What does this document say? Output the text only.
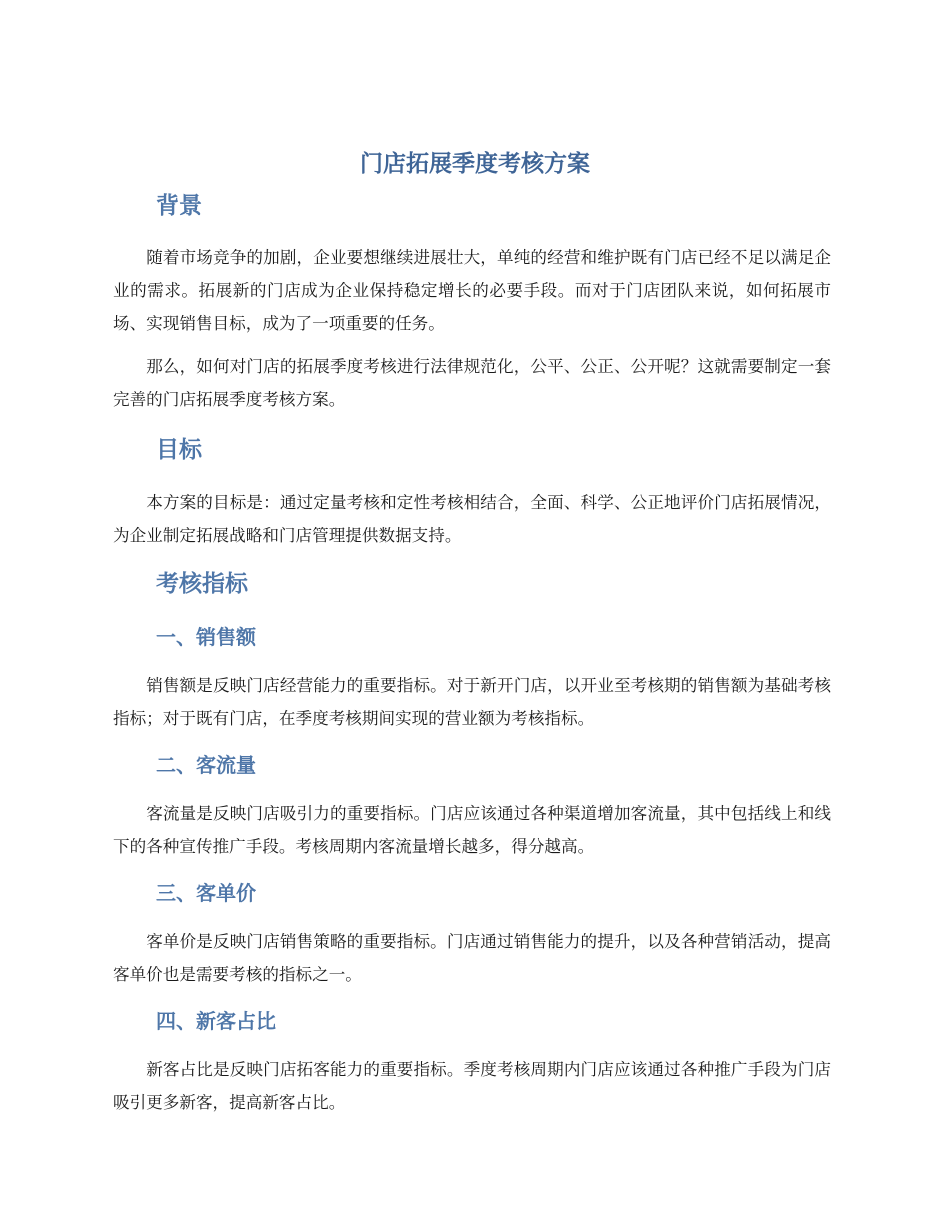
门店拓展季度考核方案
背景

随着市场竞争的加剧，企业要想继续进展壮大，单纯的经营和维护既有门店已经不足以满足企业的需求。拓展新的门店成为企业保持稳定增长的必要手段。而对于门店团队来说，如何拓展市场、实现销售目标，成为了一项重要的任务。

那么，如何对门店的拓展季度考核进行法律规范化，公平、公正、公开呢？这就需要制定一套完善的门店拓展季度考核方案。

目标

本方案的目标是：通过定量考核和定性考核相结合，全面、科学、公正地评价门店拓展情况，为企业制定拓展战略和门店管理提供数据支持。

考核指标
一、销售额

销售额是反映门店经营能力的重要指标。对于新开门店，以开业至考核期的销售额为基础考核指标；对于既有门店，在季度考核期间实现的营业额为考核指标。

二、客流量

客流量是反映门店吸引力的重要指标。门店应该通过各种渠道增加客流量，其中包括线上和线下的各种宣传推广手段。考核周期内客流量增长越多，得分越高。

三、客单价

客单价是反映门店销售策略的重要指标。门店通过销售能力的提升，以及各种营销活动，提高客单价也是需要考核的指标之一。

四、新客占比

新客占比是反映门店拓客能力的重要指标。季度考核周期内门店应该通过各种推广手段为门店吸引更多新客，提高新客占比。
